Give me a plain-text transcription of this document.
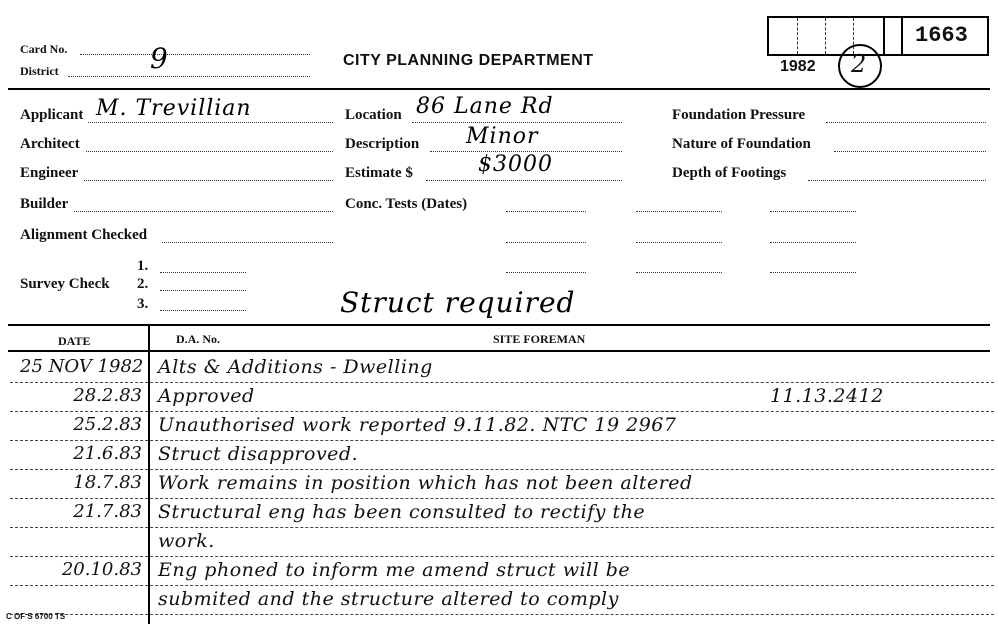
1663
Card No.	9
District
CITY PLANNING DEPARTMENT	1982 2
Applicant M. Trevillian
Architect
Engineer
Builder
Alignment Checked
Survey Check
1.
2.
3.
Location 86 Lane Rd
Description Minor
Estimate $	$3000
Conc. Tests (Dates)
Foundation Pressure
Nature of Foundation
Depth of Footings
Struct required
DATE	D.A. No.	SITE FOREMAN
25 NOV 1982 Alts & Additions - Dwelling
28.2.83 Approved	11.13.2412
25.2.83 Unauthorised work reported 9.11.82. NTC 19 2967
21.6.83 Struct disapproved.
18.7.83 Work remains in position which has not been altered
21.7.83 Structural eng has been consulted to rectify the
work.
20.10.83 Eng phoned to inform me amend struct will be
submited and the structure altered to comply
C OF S 6700 TS
